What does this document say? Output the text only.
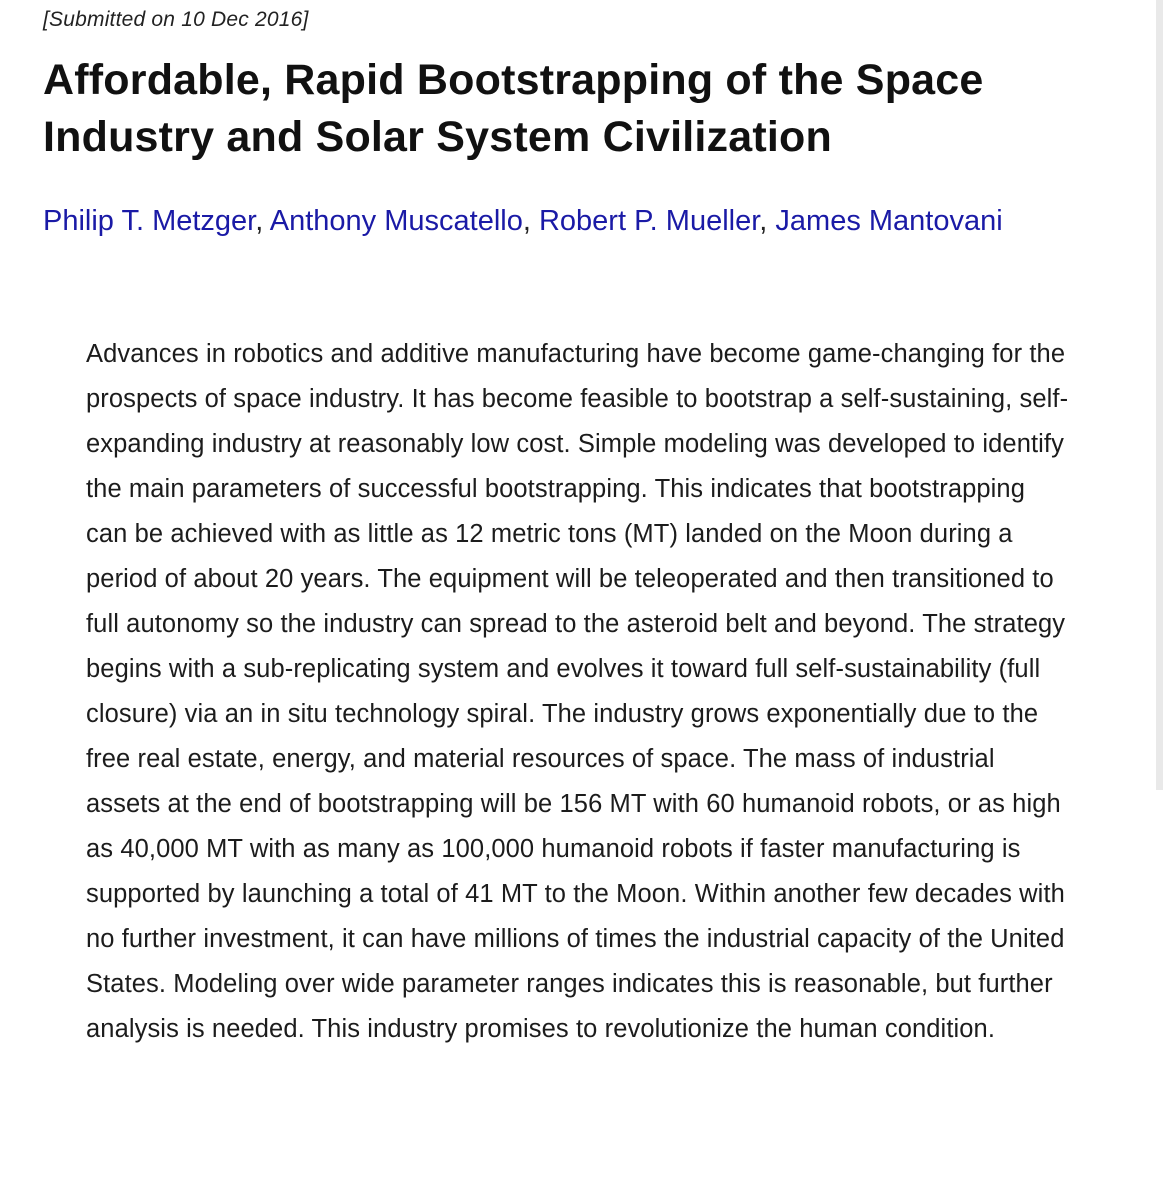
[Submitted on 10 Dec 2016]
Affordable, Rapid Bootstrapping of the Space Industry and Solar System Civilization
Philip T. Metzger, Anthony Muscatello, Robert P. Mueller, James Mantovani

Advances in robotics and additive manufacturing have become game-changing for the prospects of space industry. It has become feasible to bootstrap a self-sustaining, self-expanding industry at reasonably low cost. Simple modeling was developed to identify the main parameters of successful bootstrapping. This indicates that bootstrapping can be achieved with as little as 12 metric tons (MT) landed on the Moon during a period of about 20 years. The equipment will be teleoperated and then transitioned to full autonomy so the industry can spread to the asteroid belt and beyond. The strategy begins with a sub-replicating system and evolves it toward full self-sustainability (full closure) via an in situ technology spiral. The industry grows exponentially due to the free real estate, energy, and material resources of space. The mass of industrial assets at the end of bootstrapping will be 156 MT with 60 humanoid robots, or as high as 40,000 MT with as many as 100,000 humanoid robots if faster manufacturing is supported by launching a total of 41 MT to the Moon. Within another few decades with no further investment, it can have millions of times the industrial capacity of the United States. Modeling over wide parameter ranges indicates this is reasonable, but further analysis is needed. This industry promises to revolutionize the human condition.
